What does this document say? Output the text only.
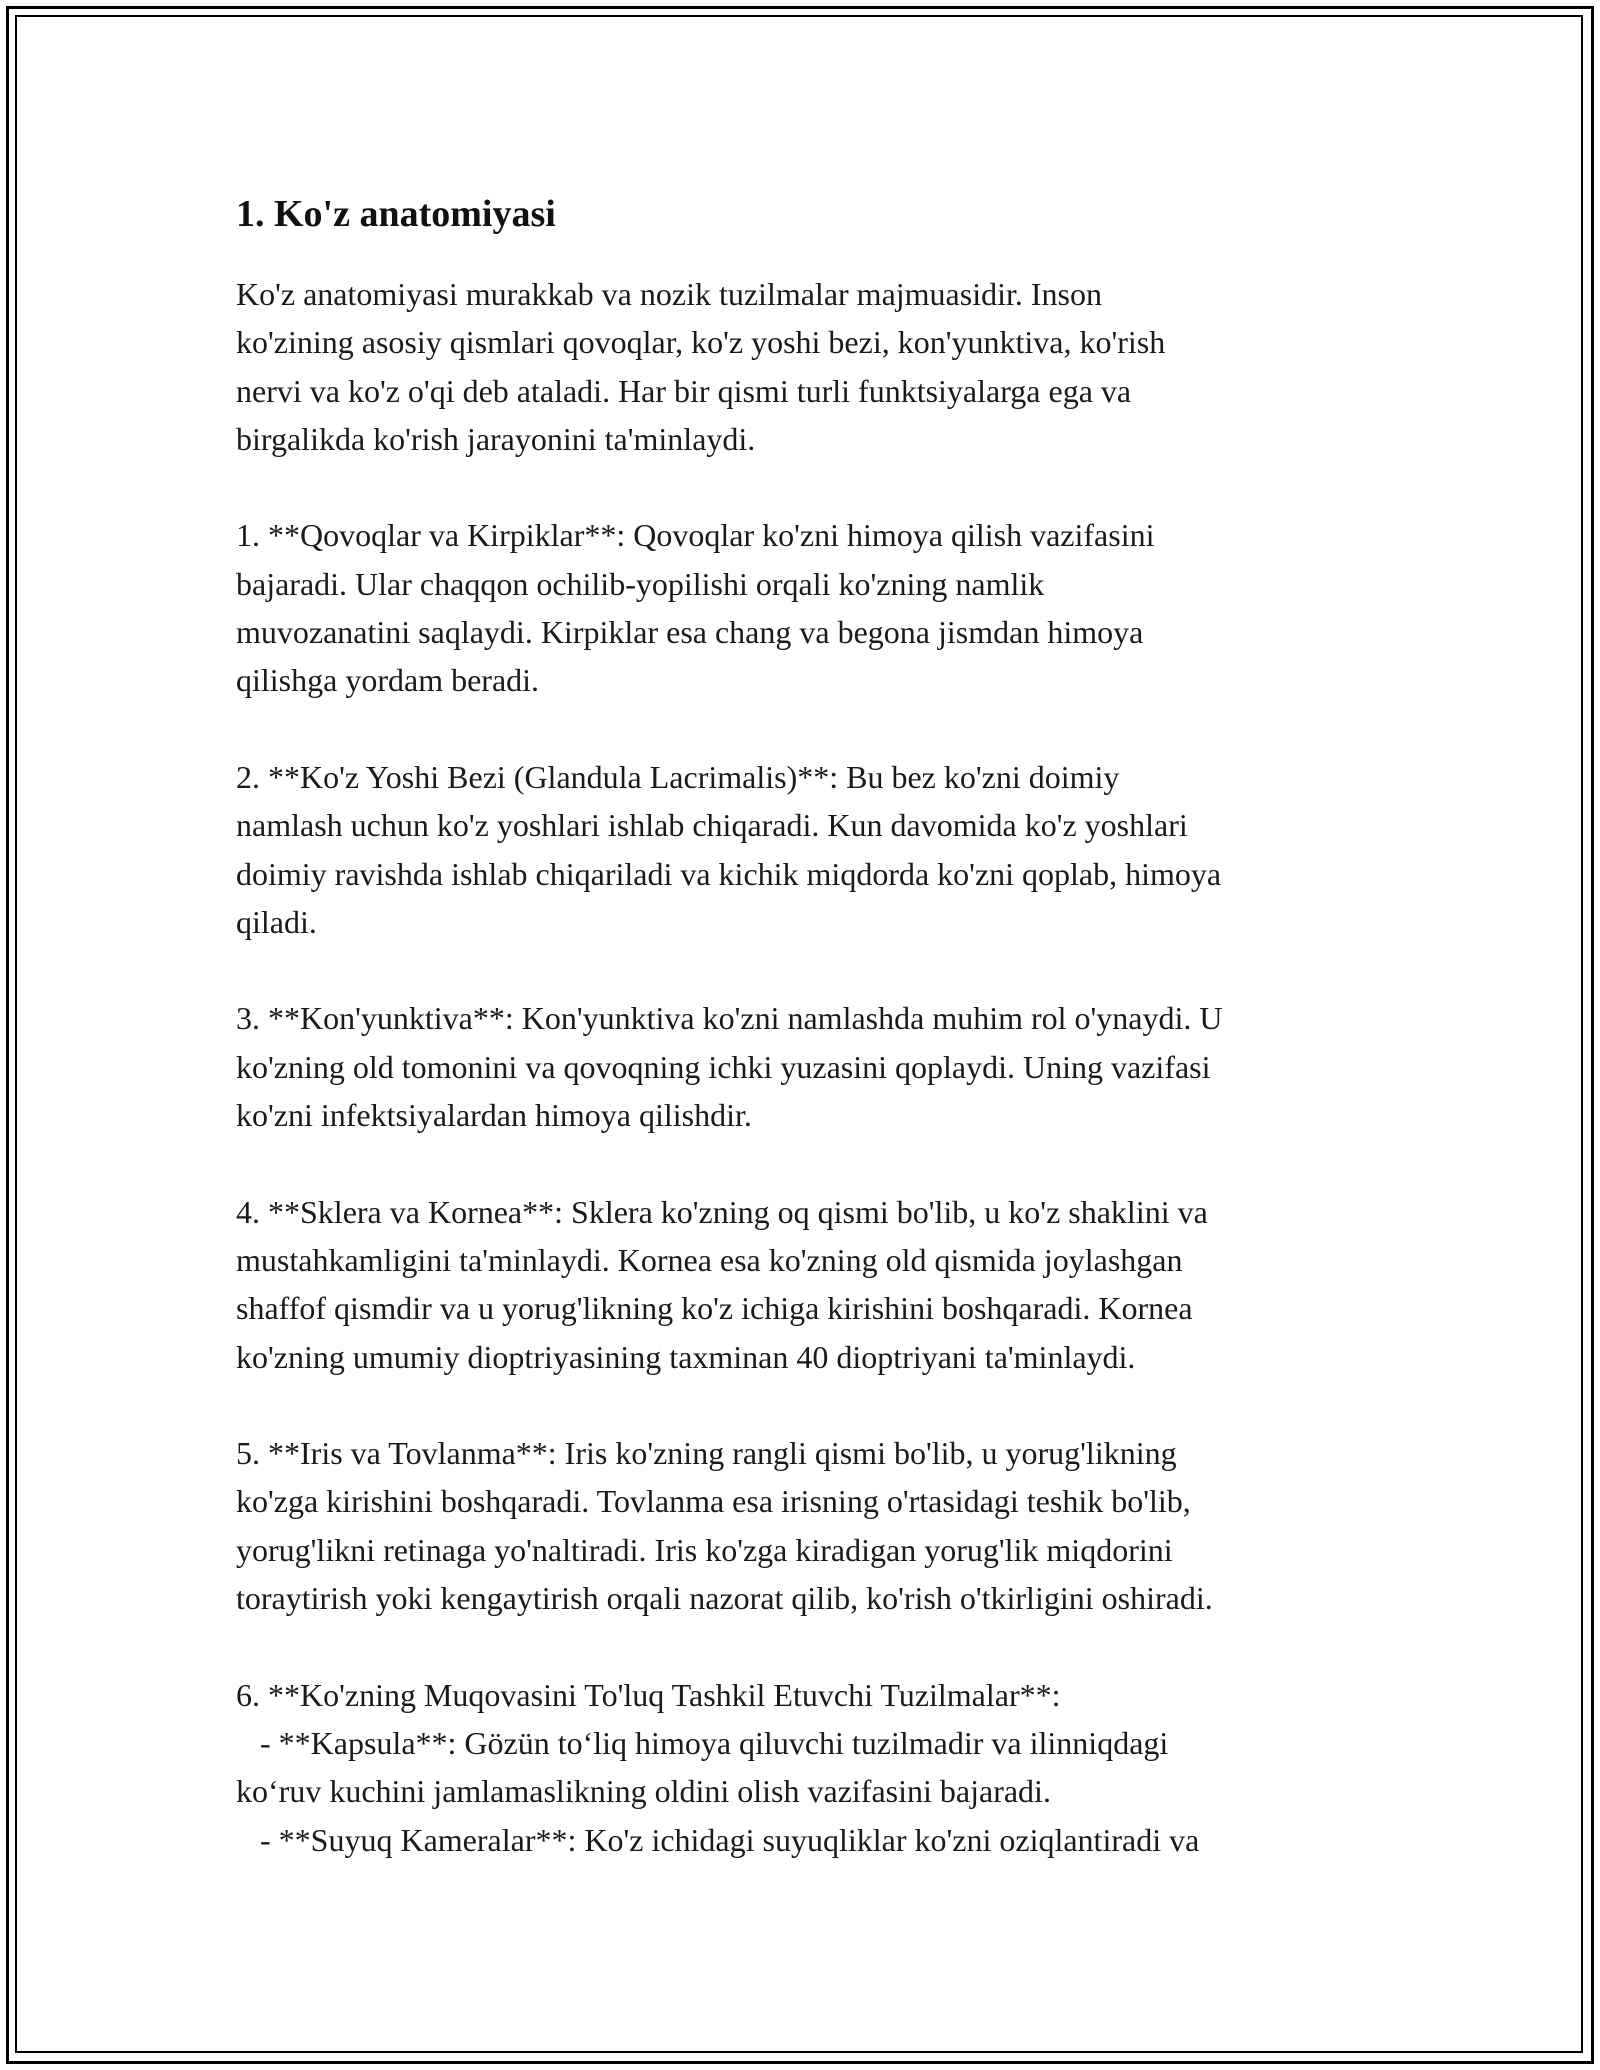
1. Ko'z anatomiyasi

Ko'z anatomiyasi murakkab va nozik tuzilmalar majmuasidir. Inson
ko'zining asosiy qismlari qovoqlar, ko'z yoshi bezi, kon'yunktiva, ko'rish
nervi va ko'z o'qi deb ataladi. Har bir qismi turli funktsiyalarga ega va
birgalikda ko'rish jarayonini ta'minlaydi.

1. **Qovoqlar va Kirpiklar**: Qovoqlar ko'zni himoya qilish vazifasini
bajaradi. Ular chaqqon ochilib-yopilishi orqali ko'zning namlik
muvozanatini saqlaydi. Kirpiklar esa chang va begona jismdan himoya
qilishga yordam beradi.

2. **Ko'z Yoshi Bezi (Glandula Lacrimalis)**: Bu bez ko'zni doimiy
namlash uchun ko'z yoshlari ishlab chiqaradi. Kun davomida ko'z yoshlari
doimiy ravishda ishlab chiqariladi va kichik miqdorda ko'zni qoplab, himoya
qiladi.

3. **Kon'yunktiva**: Kon'yunktiva ko'zni namlashda muhim rol o'ynaydi. U
ko'zning old tomonini va qovoqning ichki yuzasini qoplaydi. Uning vazifasi
ko'zni infektsiyalardan himoya qilishdir.

4. **Sklera va Kornea**: Sklera ko'zning oq qismi bo'lib, u ko'z shaklini va
mustahkamligini ta'minlaydi. Kornea esa ko'zning old qismida joylashgan
shaffof qismdir va u yorug'likning ko'z ichiga kirishini boshqaradi. Kornea
ko'zning umumiy dioptriyasining taxminan 40 dioptriyani ta'minlaydi.

5. **Iris va Tovlanma**: Iris ko'zning rangli qismi bo'lib, u yorug'likning
ko'zga kirishini boshqaradi. Tovlanma esa irisning o'rtasidagi teshik bo'lib,
yorug'likni retinaga yo'naltiradi. Iris ko'zga kiradigan yorug'lik miqdorini
toraytirish yoki kengaytirish orqali nazorat qilib, ko'rish o'tkirligini oshiradi.

6. **Ko'zning Muqovasini To'luq Tashkil Etuvchi Tuzilmalar**:
- **Kapsula**: Gözün to‘liq himoya qiluvchi tuzilmadir va ilinniqdagi
ko‘ruv kuchini jamlamaslikning oldini olish vazifasini bajaradi.
- **Suyuq Kameralar**: Ko'z ichidagi suyuqliklar ko'zni oziqlantiradi va
